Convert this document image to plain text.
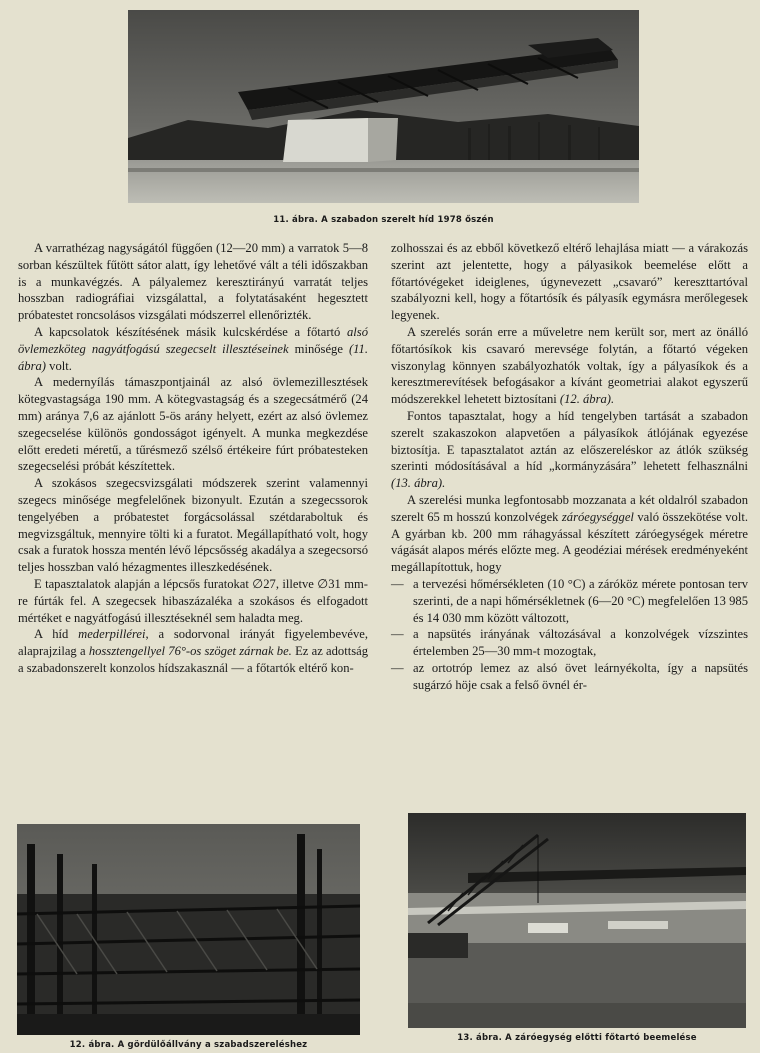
11. ábra. A szabadon szerelt híd 1978 őszén

A varrathézag nagyságától függően (12—20 mm) a varratok 5—8 sorban készültek fűtött sátor alatt, így lehetővé vált a téli időszakban is a munkavégzés. A pályalemez keresztirányú varratát teljes hosszban radiográfiai vizsgálattal, a folytatásaként hegesztett próbatestet roncsolásos vizsgálati módszerrel ellenőrizték.

A kapcsolatok készítésének másik kulcskérdése a főtartó alsó övlemezköteg nagyátfogású szegecselt illesztéseinek minősége (11. ábra) volt.

A medernyílás támaszpontjainál az alsó övlemezillesztések kötegvastagsága 190 mm. A kötegvastagság és a szegecsátmérő (24 mm) aránya 7,6 az ajánlott 5-ös arány helyett, ezért az alsó övlemez szegecselése különös gondosságot igényelt. A munka megkezdése előtt eredeti méretű, a tűrésmező szélső értékeire fúrt próbatesteken szegecselési próbát készítettek.

A szokásos szegecsvizsgálati módszerek szerint valamennyi szegecs minősége megfelelőnek bizonyult. Ezután a szegecssorok tengelyében a próbatestet forgácsolással szétdaraboltuk és megvizsgáltuk, mennyire tölti ki a furatot. Megállapítható volt, hogy csak a furatok hossza mentén lévő lépcsősség akadálya a szegecsorsó teljes hosszban való hézagmentes illeszkedésének.

E tapasztalatok alapján a lépcsős furatokat ∅27, illetve ∅31 mm-re fúrták fel. A szegecsek hibaszázaléka a szokásos és elfogadott mértéket e nagyátfogású illesztéseknél sem haladta meg.

A híd mederpillérei, a sodorvonal irányát figyelembevéve, alaprajzilag a hossztengellyel 76°-os szöget zárnak be. Ez az adottság a szabadonszerelt konzolos hídszakasznál — a főtartók eltérő kon-

zolhosszai és az ebből következő eltérő lehajlása miatt — a várakozás szerint azt jelentette, hogy a pályasikok beemelése előtt a főtartóvégeket ideiglenes, úgynevezett „csavaró” kereszttartóval szabályozni kell, hogy a főtartósík és pályasík egymásra merőlegesek legyenek.

A szerelés során erre a műveletre nem került sor, mert az önálló főtartósíkok kis csavaró merevsége folytán, a főtartó végeken viszonylag könnyen szabályozhatók voltak, így a pályasíkok és a keresztmerevítések befogásakor a kívánt geometriai alakot egyszerű módszerekkel lehetett biztosítani (12. ábra).

Fontos tapasztalat, hogy a híd tengelyben tartását a szabadon szerelt szakaszokon alapvetően a pályasíkok átlójának egyezése biztosítja. E tapasztalatot aztán az előszereléskor az átlók szükség szerinti módosításával a híd „kormányzására” lehetett felhasználni (13. ábra).

A szerelési munka legfontosabb mozzanata a két oldalról szabadon szerelt 65 m hosszú konzolvégek záróegységgel való összekötése volt. A gyárban kb. 200 mm ráhagyással készített záróegységek méretre vágását alapos mérés előzte meg. A geodéziai mérések eredményeként megállapítottuk, hogy

— a tervezési hőmérsékleten (10 °C) a záróköz mérete pontosan terv szerinti, de a napi hőmérsékletnek (6—20 °C) megfelelően 13 985 és 14 030 mm között változott,
— a napsütés irányának változásával a konzolvégek vízszintes értelemben 25—30 mm-t mozogtak,
— az ortotróp lemez az alsó övet leárnyékolta, így a napsütés sugárzó höje csak a felső övnél ér-
12. ábra. A gördülőállvány a szabadszereléshez
13. ábra. A záróegység előtti főtartó beemelése
